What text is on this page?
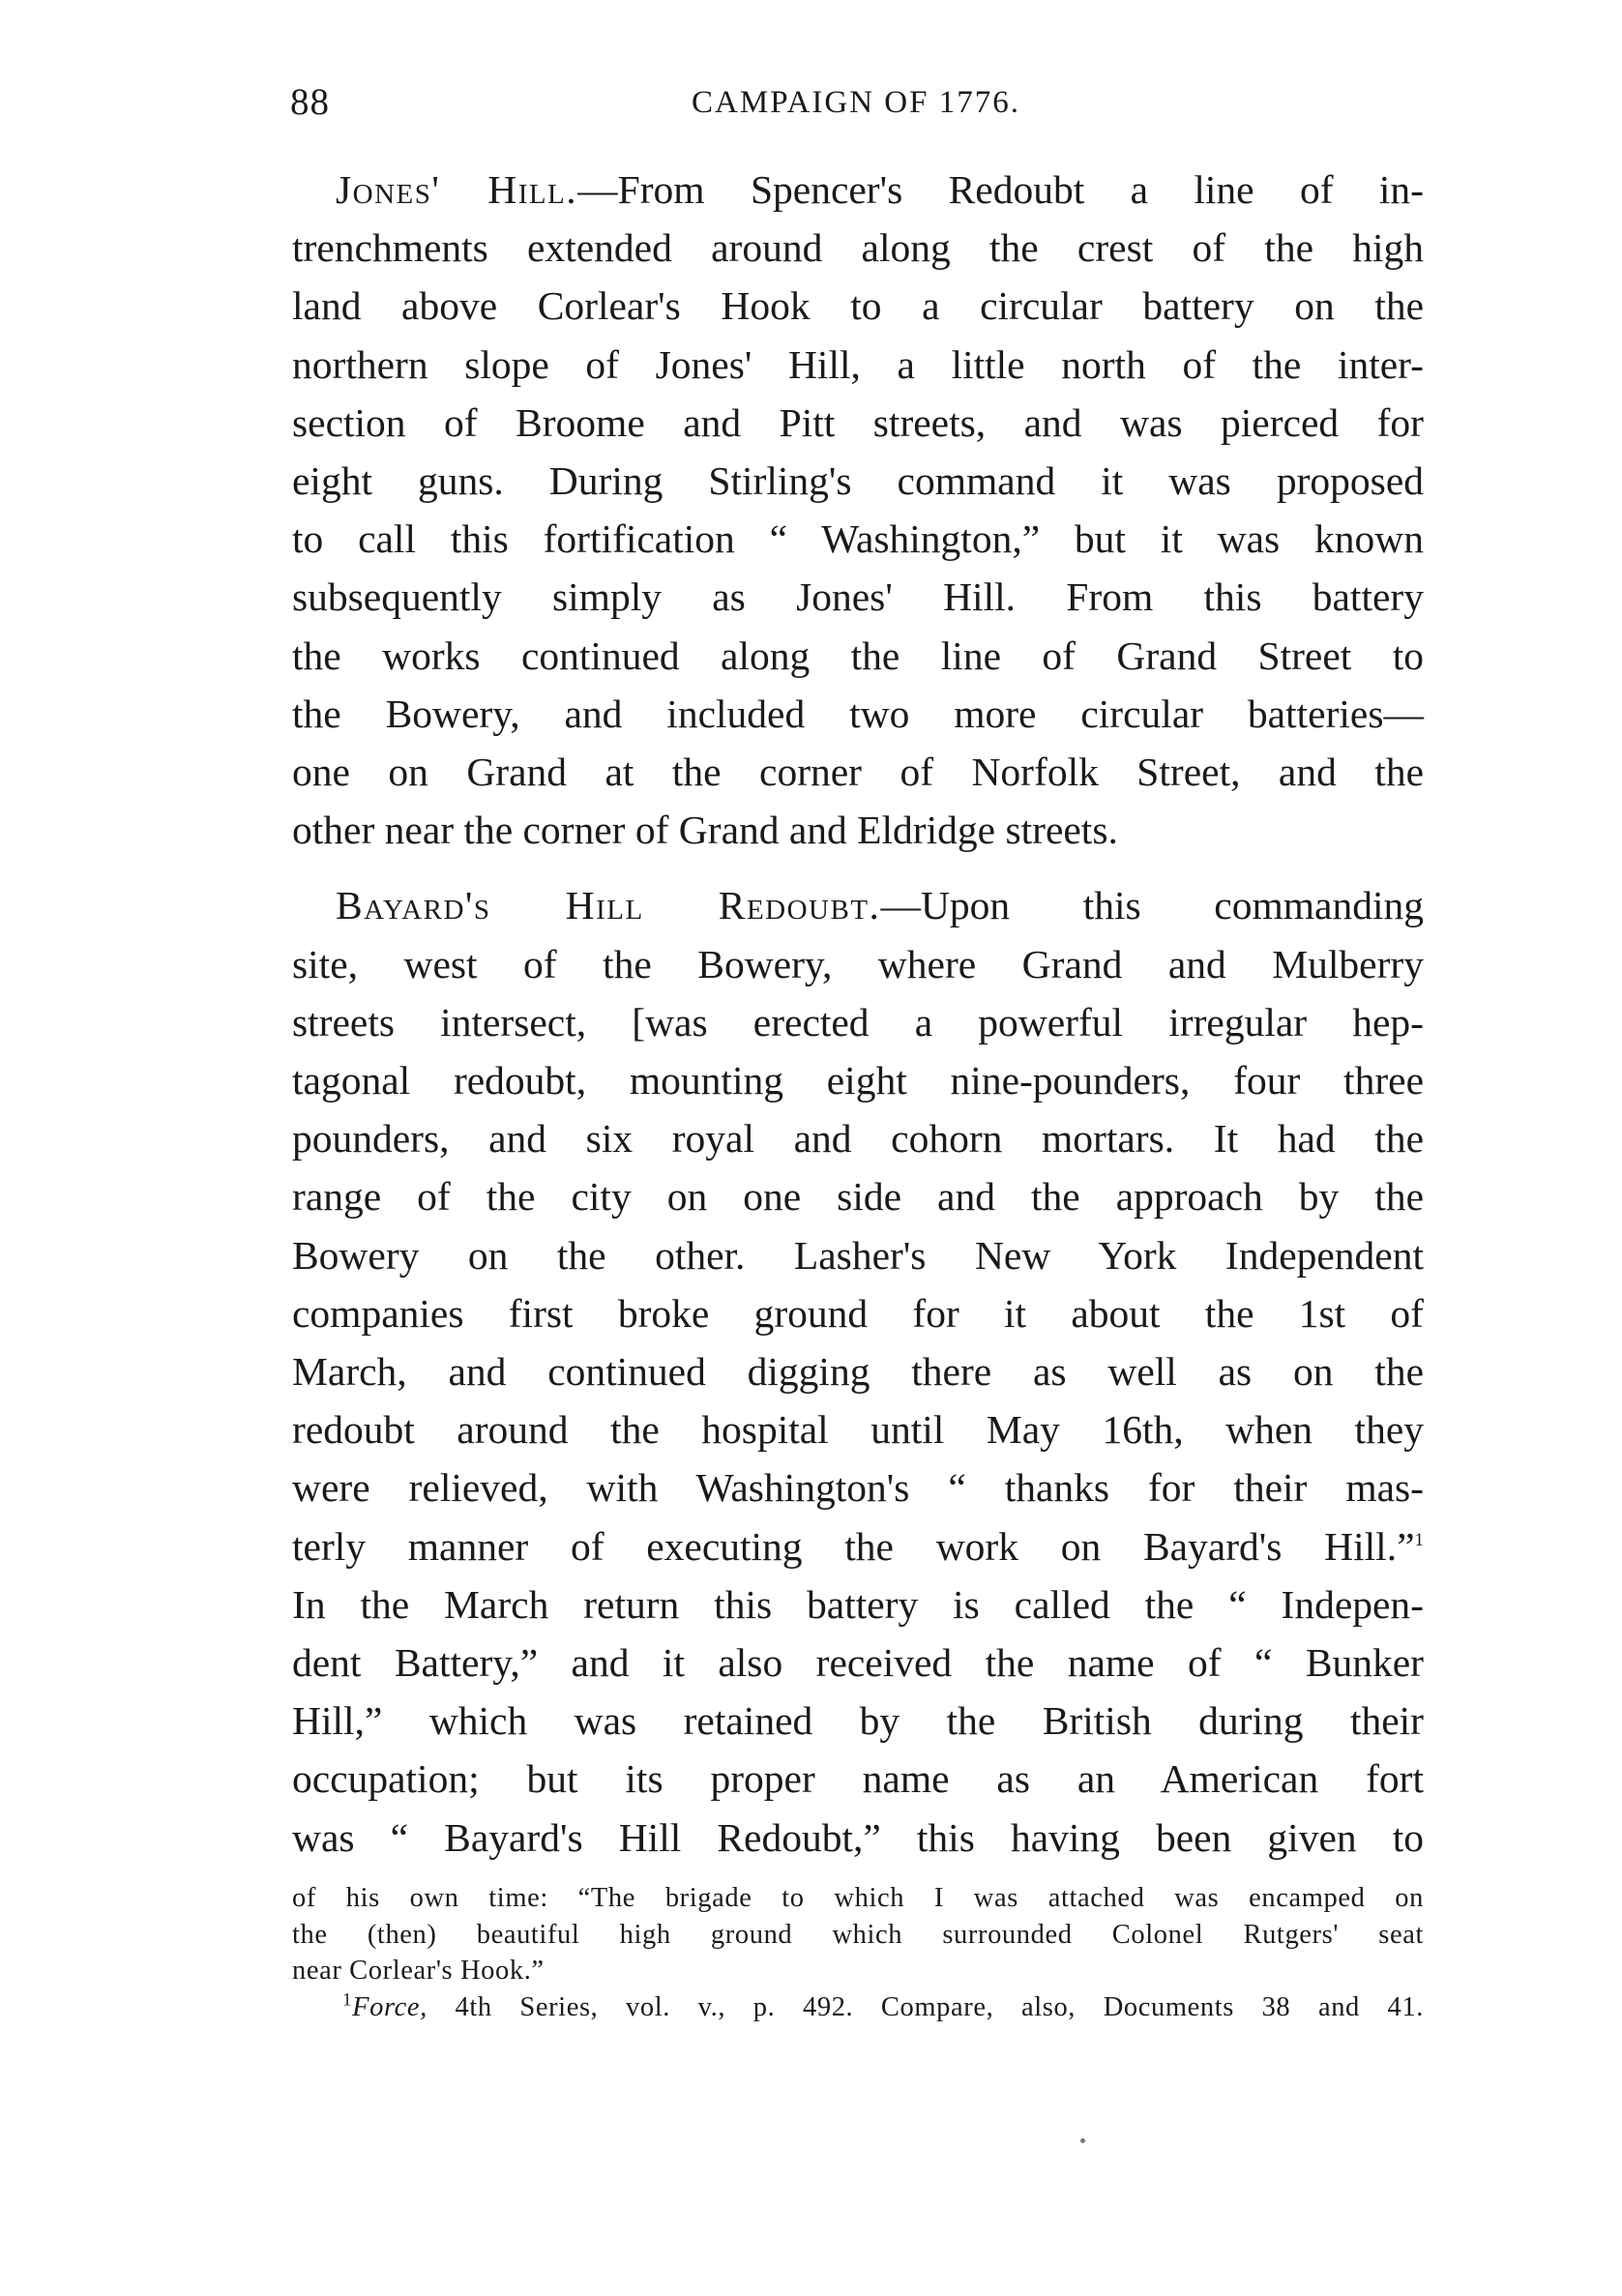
88	CAMPAIGN OF 1776.

Jones' Hill.—From Spencer's Redoubt a line of in-
trenchments extended around along the crest of the high
land above Corlear's Hook to a circular battery on the
northern slope of Jones' Hill, a little north of the inter-
section of Broome and Pitt streets, and was pierced for
eight guns. During Stirling's command it was proposed
to call this fortification “ Washington,” but it was known
subsequently simply as Jones' Hill. From this battery
the works continued along the line of Grand Street to
the Bowery, and included two more circular batteries—
one on Grand at the corner of Norfolk Street, and the
other near the corner of Grand and Eldridge streets.

Bayard's Hill Redoubt.—Upon this commanding
site, west of the Bowery, where Grand and Mulberry
streets intersect, [was erected a powerful irregular hep-
tagonal redoubt, mounting eight nine-pounders, four three
pounders, and six royal and cohorn mortars. It had the
range of the city on one side and the approach by the
Bowery on the other. Lasher's New York Independent
companies first broke ground for it about the 1st of
March, and continued digging there as well as on the
redoubt around the hospital until May 16th, when they
were relieved, with Washington's “ thanks for their mas-
terly manner of executing the work on Bayard's Hill.”$^1$
In the March return this battery is called the “ Indepen-
dent Battery,” and it also received the name of “ Bunker
Hill,” which was retained by the British during their
occupation; but its proper name as an American fort
was “ Bayard's Hill Redoubt,” this having been given to

of his own time: “The brigade to which I was attached was encamped on
the (then) beautiful high ground which surrounded Colonel Rutgers' seat
near Corlear's Hook.”
$^1$Force, 4th Series, vol. v., p. 492. Compare, also, Documents 38 and 41.
